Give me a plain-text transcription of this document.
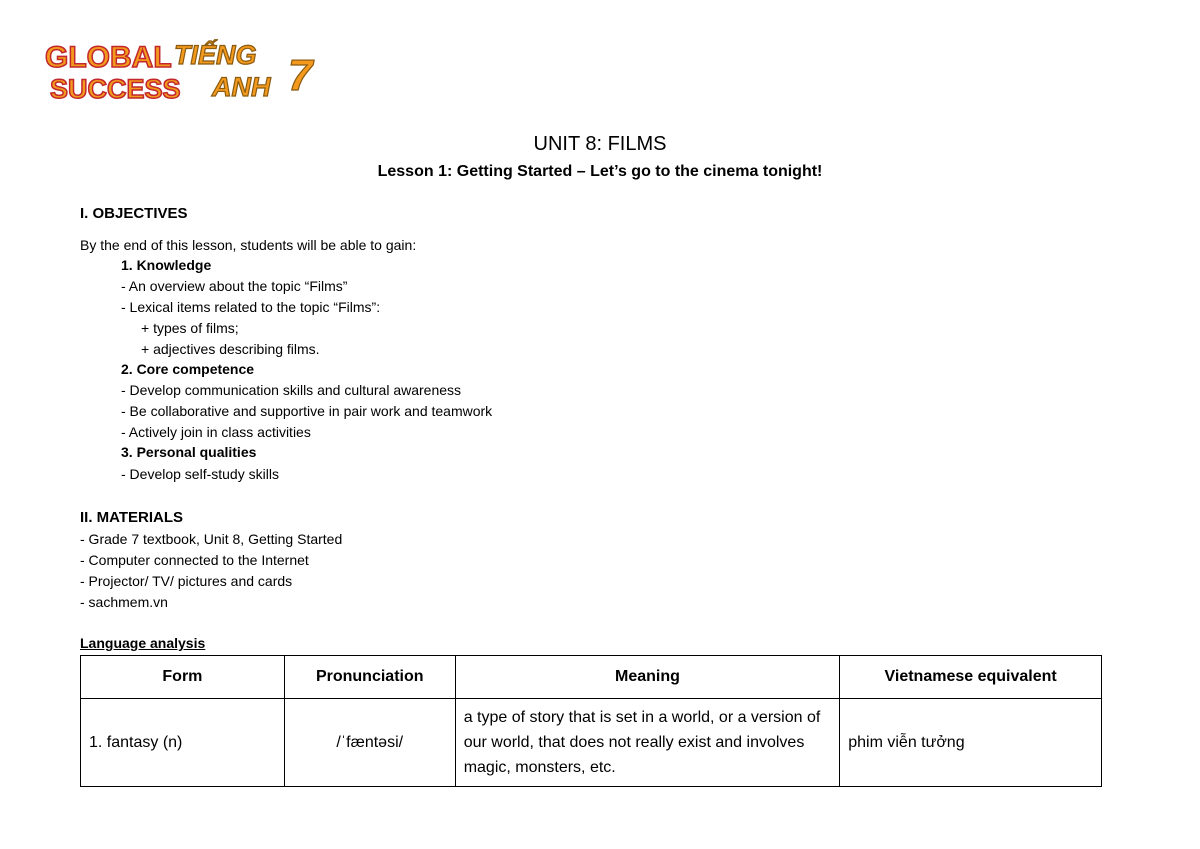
GLOBAL
SUCCESS
TIẾNG
ANH 7
UNIT 8: FILMS
Lesson 1: Getting Started – Let’s go to the cinema tonight!
I. OBJECTIVES
By the end of this lesson, students will be able to gain:
1. Knowledge
- An overview about the topic “Films”
- Lexical items related to the topic “Films”:
+ types of films;
+ adjectives describing films.
2. Core competence
- Develop communication skills and cultural awareness
- Be collaborative and supportive in pair work and teamwork
- Actively join in class activities
3. Personal qualities
- Develop self-study skills
II. MATERIALS
- Grade 7 textbook, Unit 8, Getting Started
- Computer connected to the Internet
- Projector/ TV/ pictures and cards
- sachmem.vn
Language analysis
Form	Pronunciation	Meaning	Vietnamese equivalent
1. fantasy (n)	/ˈfæntəsi/	a type of story that is set in a world, or a version of our world, that does not really exist and involves magic, monsters, etc.	phim viễn tưởng
